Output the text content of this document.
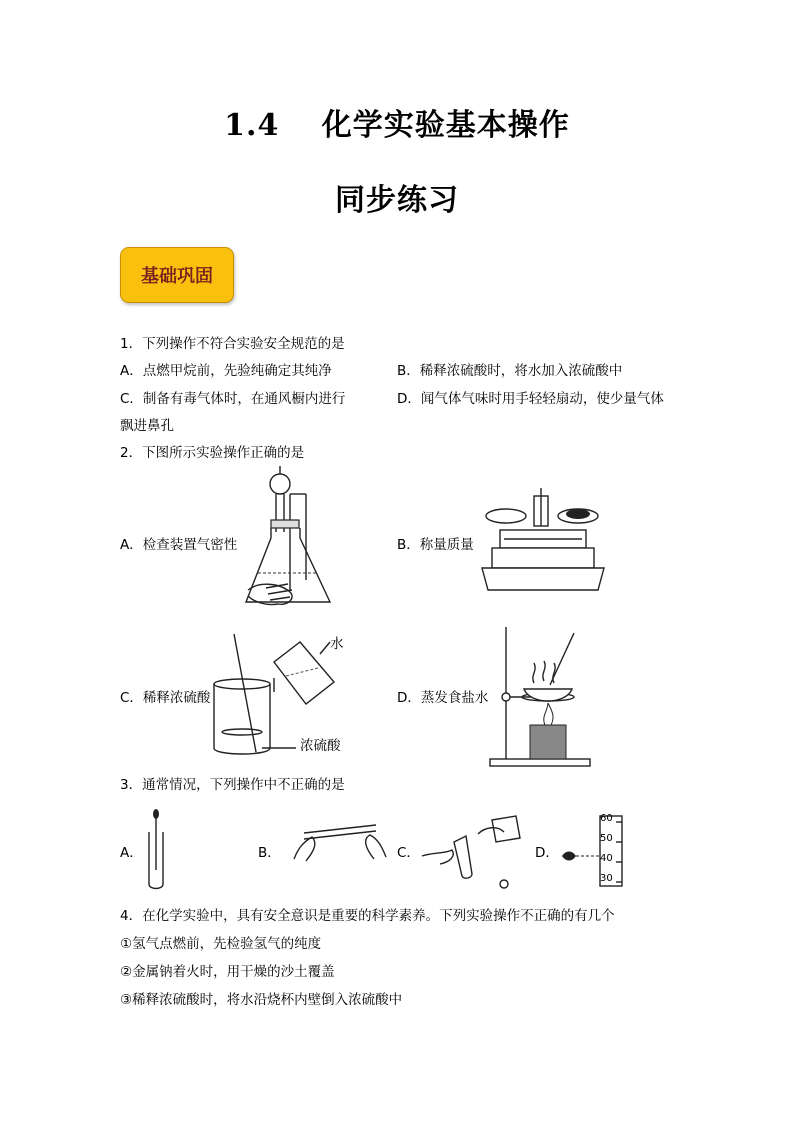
1.4　 化学实验基本操作
同步练习
基础巩固
1．下列操作不符合实验安全规范的是
A．点燃甲烷前，先验纯确定其纯净	B．稀释浓硫酸时，将水加入浓硫酸中
C．制备有毒气体时，在通风橱内进行	D．闻气体气味时用手轻轻扇动，使少量气体
飘进鼻孔
2．下图所示实验操作正确的是
A．检查装置气密性	B．称量质量
C．稀释浓硫酸	D．蒸发食盐水
水
浓硫酸
3．通常情况，下列操作中不正确的是
A．	B．	C．	D．
60
50
40
30
4．在化学实验中，具有安全意识是重要的科学素养。下列实验操作不正确的有几个
①氢气点燃前，先检验氢气的纯度
②金属钠着火时，用干燥的沙土覆盖
③稀释浓硫酸时，将水沿烧杯内壁倒入浓硫酸中
